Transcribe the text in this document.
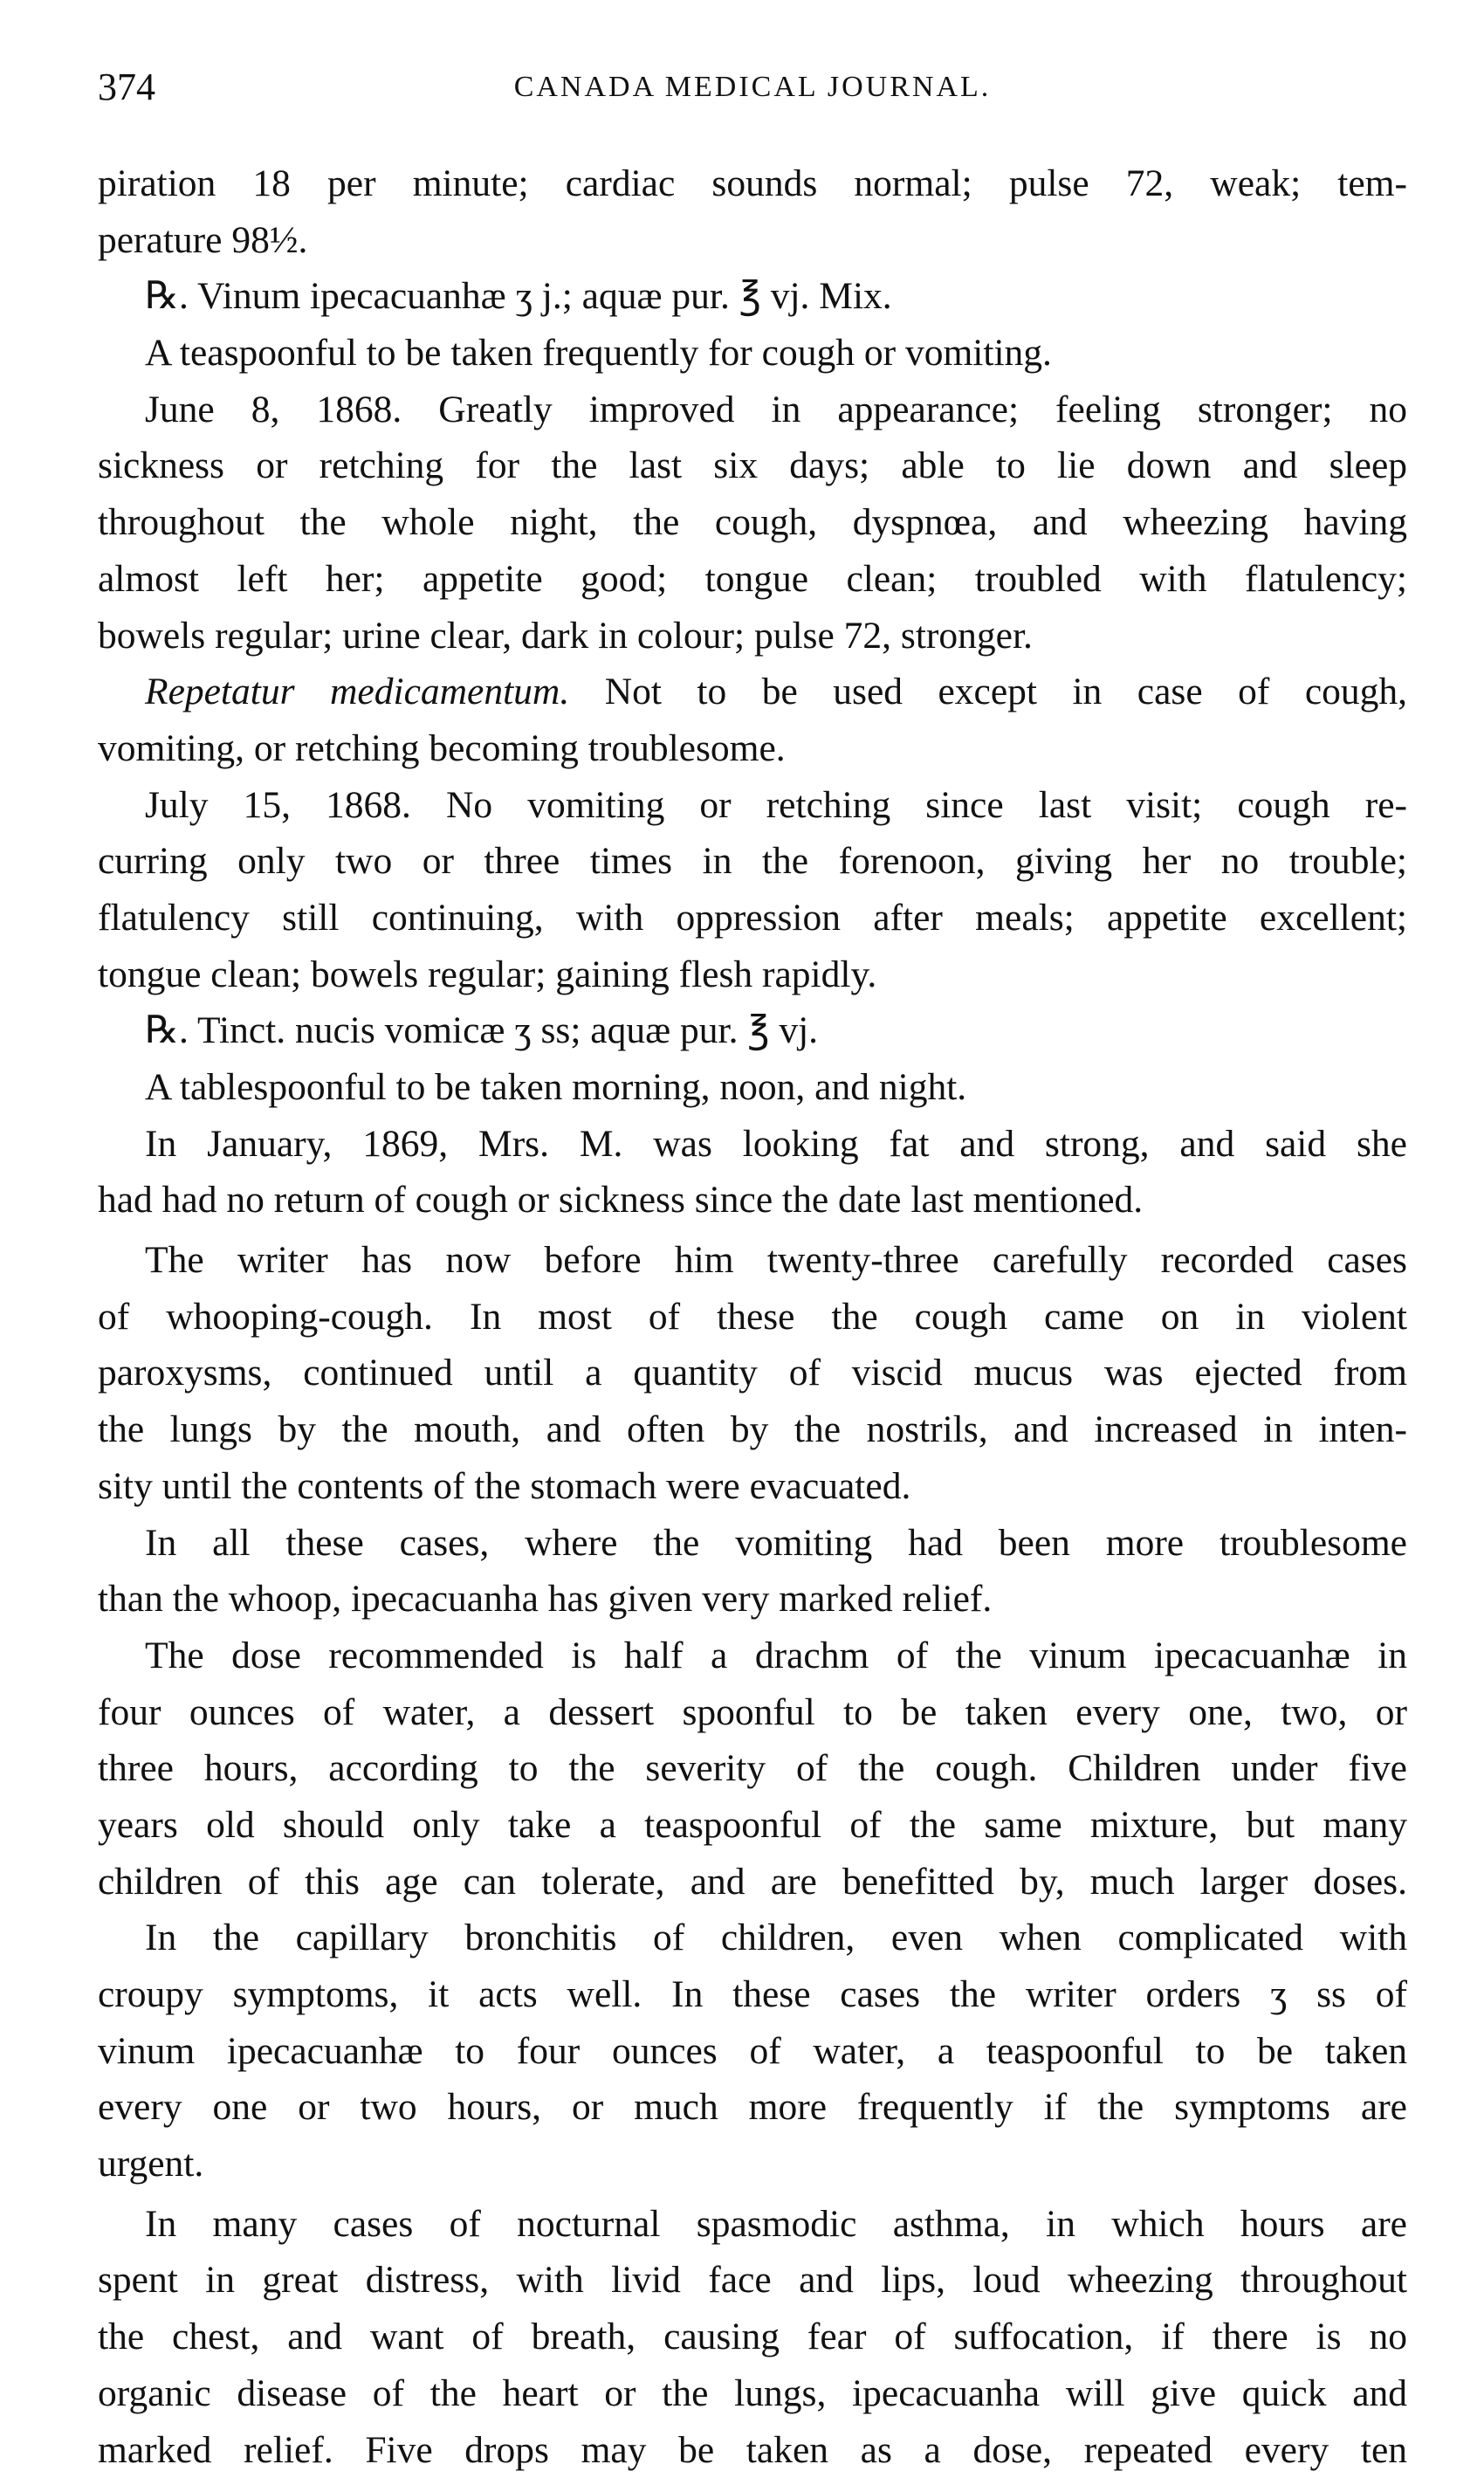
374	CANADA MEDICAL JOURNAL.
piration 18 per minute; cardiac sounds normal; pulse 72, weak; tem-
perature 98½.
℞. Vinum ipecacuanhæ ʒ j.; aquæ pur. ℥ vj. Mix.
A teaspoonful to be taken frequently for cough or vomiting.
June 8, 1868. Greatly improved in appearance; feeling stronger; no
sickness or retching for the last six days; able to lie down and sleep
throughout the whole night, the cough, dyspnœa, and wheezing having
almost left her; appetite good; tongue clean; troubled with flatulency;
bowels regular; urine clear, dark in colour; pulse 72, stronger.
Repetatur medicamentum. Not to be used except in case of cough,
vomiting, or retching becoming troublesome.
July 15, 1868. No vomiting or retching since last visit; cough re-
curring only two or three times in the forenoon, giving her no trouble;
flatulency still continuing, with oppression after meals; appetite excellent;
tongue clean; bowels regular; gaining flesh rapidly.
℞. Tinct. nucis vomicæ ʒ ss; aquæ pur. ℥ vj.
A tablespoonful to be taken morning, noon, and night.
In January, 1869, Mrs. M. was looking fat and strong, and said she
had had no return of cough or sickness since the date last mentioned.
The writer has now before him twenty-three carefully recorded cases
of whooping-cough. In most of these the cough came on in violent
paroxysms, continued until a quantity of viscid mucus was ejected from
the lungs by the mouth, and often by the nostrils, and increased in inten-
sity until the contents of the stomach were evacuated.
In all these cases, where the vomiting had been more troublesome
than the whoop, ipecacuanha has given very marked relief.
The dose recommended is half a drachm of the vinum ipecacuanhæ in
four ounces of water, a dessert spoonful to be taken every one, two, or
three hours, according to the severity of the cough. Children under five
years old should only take a teaspoonful of the same mixture, but many
children of this age can tolerate, and are benefitted by, much larger doses.
In the capillary bronchitis of children, even when complicated with
croupy symptoms, it acts well. In these cases the writer orders ʒ ss of
vinum ipecacuanhæ to four ounces of water, a teaspoonful to be taken
every one or two hours, or much more frequently if the symptoms are
urgent.
In many cases of nocturnal spasmodic asthma, in which hours are
spent in great distress, with livid face and lips, loud wheezing throughout
the chest, and want of breath, causing fear of suffocation, if there is no
organic disease of the heart or the lungs, ipecacuanha will give quick and
marked relief. Five drops may be taken as a dose, repeated every ten
